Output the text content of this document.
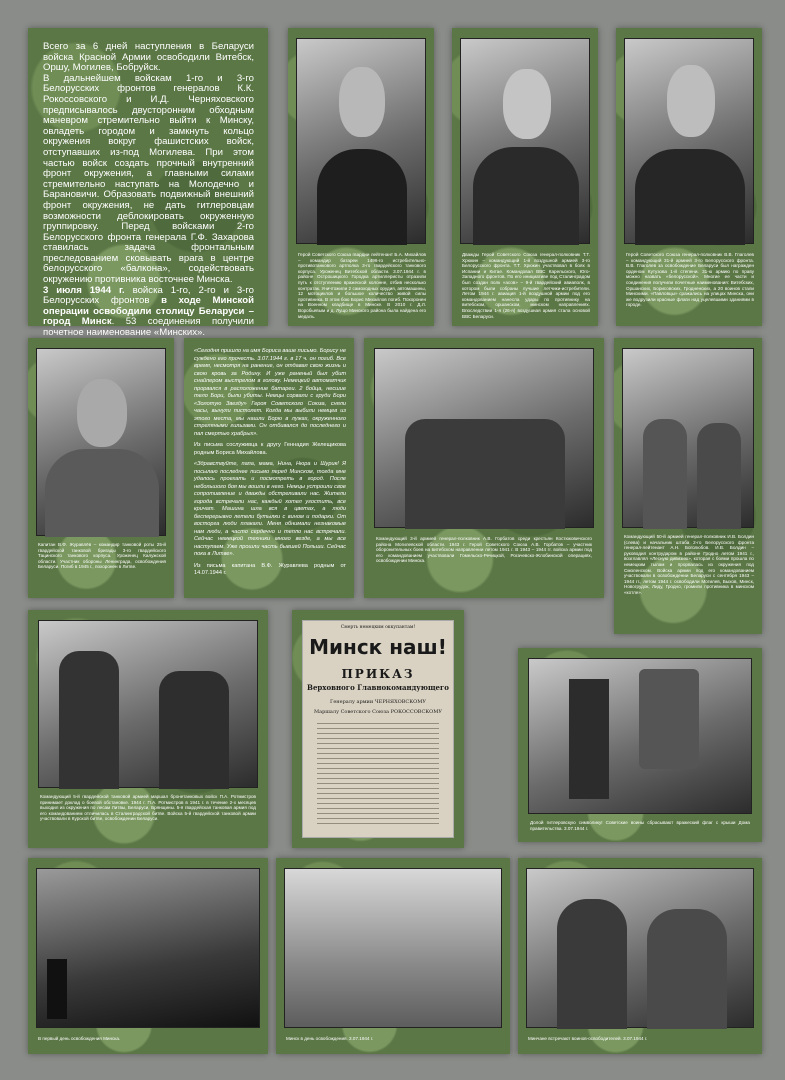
Всего за 6 дней наступления в Беларуси войска Красной Армии освободили Витебск, Оршу, Могилев, Бобруйск.

В дальнейшем войскам 1-го и 3-го Белорусских фронтов генералов К.К. Рокоссовского и И.Д. Черняховского предписывалось двусторонним обходным маневром стремительно выйти к Минску, овладеть городом и замкнуть кольцо окружения вокруг фашистских войск, отступавших из-под Могилева. При этом частью войск создать прочный внутренний фронт окружения, а главными силами стремительно наступать на Молодечно и Барановичи. Образовать подвижный внешний фронт окружения, не дать гитлеровцам возможности деблокировать окруженную группировку. Перед войсками 2-го Белорусского фронта генерала Г.Ф. Захарова ставилась задача фронтальным преследованием сковывать врага в центре белорусского «балкона», содействовать окружению противника восточнее Минска.

3 июля 1944 г. войска 1-го, 2-го и 3-го Белорусских фронтов в ходе Минской операции освободили столицу Беларуси – город Минск. 53 соединения получили почетное наименование «Минских».

Герой Советского Союза гвардии лейтенант Б.А. Михайлов – командир батареи 1496-го истребительно-противотанкового артполка 3-го гвардейского танкового корпуса. Уроженец Витебской области. 3.07.1944 г. в районе Острошицкого Городка артиллеристы отразили путь к отступлению вражеской колонне, отбив несколько контратак. Уничтожили 2 самоходных орудия, автомашины, 12 мотоциклов и большое количество живой силы противника. В этом бою Борис Михайлов погиб. Похоронен на Военном кладбище в Минске. В 2010 г. Д.Л. Воробьевым и д. Лущо Минского района была найдена его медаль.
Дважды Герой Советского Союза генерал-полковник Т.Т. Хрюкин – командующий 1-й воздушной армией 3-го Белорусского фронта. Т.Т. Хрюкин участвовал в боях в Испании и Китае. Командовал ВВС Карельского, Юго-Западного фронтов. По его инициативе под Сталинградом был создан полк «асов» – 9-й гвардейский авиаполк, в котором были собраны лучшие летчики-истребители. Летом 1944 г. авиация 1-й воздушной армии под его командованием нанесла удары по противнику на витебском, оршанском, минском направлениях. Впоследствии 1-я (26-я) воздушная армия стала основой ВВС Беларуси.
Герой Советского Союза генерал-полковник В.В. Глаголев – командующий 31-й армией 3-го Белорусского фронта. В.В. Глаголев за освобождение Беларуси был награжден орденом Кутузова 1-й степени. 31-ю армию по праву можно назвать «белорусской». Многие ее части и соединения получили почетные наименования: Витебских, Оршанских, Борисовских, Гродненских, а 20 воинов стали Минскими. «Павловцы» сражались на улицах Минска, они же водрузили красные флаги над уцелевшими зданиями в городе.
Капитан В.Ф. Журавлёв – командир танковой роты 25-й гвардейской танковой бригады 3-го гвардейского Тацинского танкового корпуса. Уроженец Калужской области. Участник обороны Ленинграда, освобождения Беларуси. Погиб в 1945 г., похоронен в Литве.

«Сегодня пришло на имя Бориса ваше письмо. Борису не суждено его прочесть. 3.07.1944 г. в 17 ч. он погиб. Все время, несмотря на ранение, он отдавал свою жизнь и свою кровь за Родину. И уже раненый был убит снайпером выстрелом в голову. Немецкий автоматчик прорвался в расположение батареи. 2 бойца, несшие тело Бори, были убиты. Немцы сорвали с груди Бори «Золотую Звезду» Героя Советского Союза, сняли часы, вынули пистолет. Когда мы выбили немцев из этого места, мы нашли Борю в лужах, окруженного стреляными гильзами. Он отбивался до последнего и пал смертью храбрых».

Из письма сослуживца к другу Геннадия Желещикова родным Бориса Михайлова.

«Здравствуйте, папа, мама, Нина, Нюра и Шурик! Я посылаю последнее письмо перед Минском, тогда мне удалось проехать и посмотреть в город. После небольшого боя мы вошли в него. Немцы устроили свое сопротивление и дважды обстреливали нас. Жители города встречали нас, каждый хотел угостить, все кричат. Машина шла вся в цветах, а люди бесперерывно летели бутылки с вином и подарки. От восторга люди плакали. Меня обнимали незнакомые нам люди, а часто сердечно и тепло нас встречали. Сейчас немецкой техники много везде, а мы все наступаем. Уже прошли часть бывшей Польши. Сейчас пока в Литве».

Из письма капитана В.Ф. Журавлева родным от 14.07.1944 г.

Командующий 3-й армией генерал-полковник А.В. Горбатов среди крестьян Костюковичского района Могилевской области. 1943 г. Герой Советского Союза А.В. Горбатов – участник оборонительных боев на витебском направлении летом 1941 г. В 1943 – 1944 гг. войска армии под его командованием участвовали Гомельско-Речицкой, Рогачевско-Жлобинской операциях, освобождении Минска.
Командующий 50-й армией генерал-полковник И.В. Болдин (слева) и начальник штаба 2-го Белорусского фронта генерал-лейтенант А.Н. Боголюбов. И.В. Болдин – руководил контрударом в районе Гродно летом 1941 г., возглавлял «Лесную дивизию», которая с боями прошла по немецким тылам и прорвалась из окружения под Смоленском. Войска армии под его командованием участвовали в освобождении Беларуси с сентября 1943 – 1944 гг., летом 1944 г. освободили Могилев, Быхов, Минск, Новогрудок, Лиду, Гродно, громили противника в минском «котле».
Командующий 5-й гвардейской танковой армией маршал бронетанковых войск П.А. Ротмистров принимает доклад о боевой обстановке. 1944 г. П.А. Ротмистров в 1941 г. в течение 2-х месяцев выходил из окружения по лесам Литвы, Беларуси, Брянщины. 5-я гвардейская танковая армия под его командованием отличилась в Сталинградской битве. Войска 5-й гвардейской танковой армии участвовали в Курской битве, освобождении Беларуси.
Смерть немецким оккупантам!
Минск наш!
ПРИКАЗ
Верховного Главнокомандующего
Генералу армии ЧЕРНЯХОВСКОМУ
Маршалу Советского Союза РОКОССОВСКОМУ
Долой гитлеровскую символику! Советские воины сбрасывают вражеский флаг с крыши Дома правительства. 3.07.1944 г.
В первый день освобождения Минска.	Минск в день освобождения. 3.07.1944 г.	Минчане встречают воинов-освободителей. 3.07.1944 г.
